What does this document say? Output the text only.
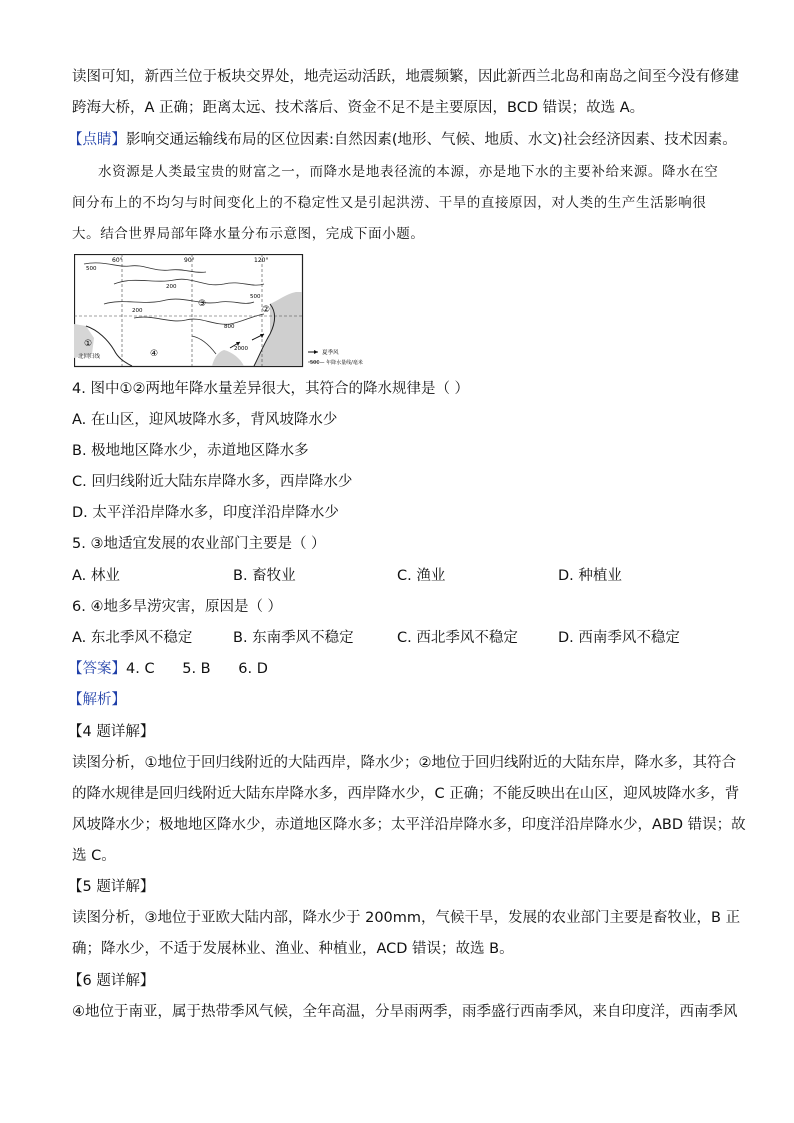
读图可知，新西兰位于板块交界处，地壳运动活跃，地震频繁，因此新西兰北岛和南岛之间至今没有修建
跨海大桥，A 正确；距离太远、技术落后、资金不足不是主要原因，BCD 错误；故选 A。
【点睛】影响交通运输线布局的区位因素:自然因素(地形、气候、地质、水文)社会经济因素、技术因素。
水资源是人类最宝贵的财富之一，而降水是地表径流的本源，亦是地下水的主要补给来源。降水在空
间分布上的不均匀与时间变化上的不稳定性又是引起洪涝、干旱的直接原因，对人类的生产生活影响很
大。结合世界局部年降水量分布示意图，完成下面小题。
60°	90°	120°
500
200
200
2000
800
500
①
②
③
④
北回归线
夏季风
500— 年降水量线/毫米
4. 图中①②两地年降水量差异很大，其符合的降水规律是（ ）
A. 在山区，迎风坡降水多，背风坡降水少
B. 极地地区降水少，赤道地区降水多
C. 回归线附近大陆东岸降水多，西岸降水少
D. 太平洋沿岸降水多，印度洋沿岸降水少
5. ③地适宜发展的农业部门主要是（ ）
A. 林业	B. 畜牧业	C. 渔业	D. 种植业
6. ④地多旱涝灾害，原因是（ ）
A. 东北季风不稳定	B. 东南季风不稳定	C. 西北季风不稳定	D. 西南季风不稳定
【答案】4. C      5. B      6. D
【解析】
【4 题详解】
读图分析，①地位于回归线附近的大陆西岸，降水少；②地位于回归线附近的大陆东岸，降水多，其符合
的降水规律是回归线附近大陆东岸降水多，西岸降水少，C 正确；不能反映出在山区，迎风坡降水多，背
风坡降水少；极地地区降水少，赤道地区降水多；太平洋沿岸降水多，印度洋沿岸降水少，ABD 错误；故
选 C。
【5 题详解】
读图分析，③地位于亚欧大陆内部，降水少于 200mm，气候干旱，发展的农业部门主要是畜牧业，B 正
确；降水少，不适于发展林业、渔业、种植业，ACD 错误；故选 B。
【6 题详解】
④地位于南亚，属于热带季风气候，全年高温，分旱雨两季，雨季盛行西南季风，来自印度洋，西南季风
